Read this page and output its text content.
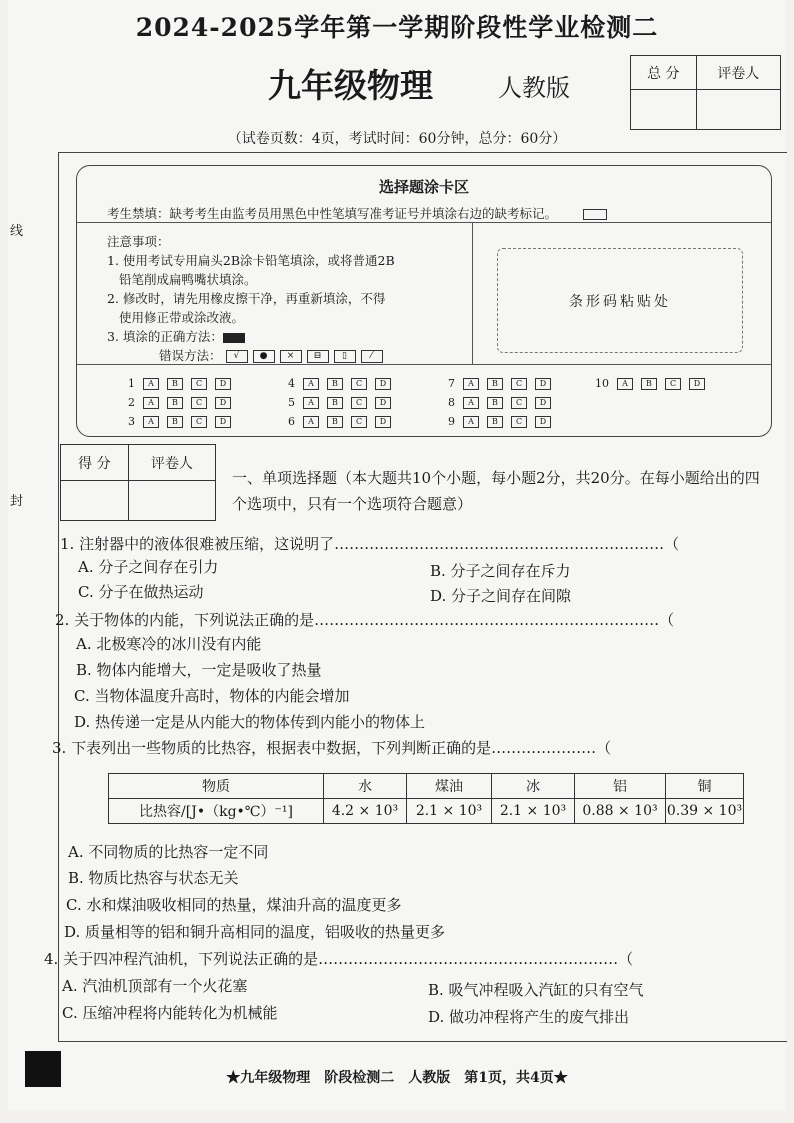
2024-2025学年第一学期阶段性学业检测二
九年级物理	人教版
（试卷页数：4页，考试时间：60分钟，总分：60分）
总 分	评卷人

线
封
选择题涂卡区
考生禁填：缺考考生由监考员用黑色中性笔填写准考证号并填涂右边的缺考标记。
注意事项：
1. 使用考试专用扁头2B涂卡铅笔填涂，或将普通2B
铅笔削成扁鸭嘴状填涂。
2. 修改时，请先用橡皮擦干净，再重新填涂，不得
使用修正带或涂改液。
3. 填涂的正确方法：
错误方法： √ ● × ⊟ ▯	⁄
条形码粘贴处
1 A B C D
2 A B C D
3 A B C D
4 A B C D
5 A B C D
6 A B C D
7 A B C D
8 A B C D
9 A B C D
10 A B C D
得 分	评卷人

一、单项选择题（本大题共10个小题，每小题2分，共20分。在每小题给出的四个选项中，只有一个选项符合题意）
1. 注射器中的液体很难被压缩，这说明了…………………………………………………………（
A. 分子之间存在引力	B. 分子之间存在斥力
C. 分子在做热运动	D. 分子之间存在间隙
2. 关于物体的内能，下列说法正确的是……………………………………………………………（
A. 北极寒冷的冰川没有内能
B. 物体内能增大，一定是吸收了热量
C. 当物体温度升高时，物体的内能会增加
D. 热传递一定是从内能大的物体传到内能小的物体上
3. 下表列出一些物质的比热容，根据表中数据，下列判断正确的是…………………（
物质	水	煤油	冰	铝	铜
比热容/[J•（kg•℃）⁻¹]	4.2 × 10³	2.1 × 10³	2.1 × 10³	0.88 × 10³	0.39 × 10³
A. 不同物质的比热容一定不同
B. 物质比热容与状态无关
C. 水和煤油吸收相同的热量，煤油升高的温度更多
D. 质量相等的铝和铜升高相同的温度，铝吸收的热量更多
4. 关于四冲程汽油机，下列说法正确的是……………………………………………………（
A. 汽油机顶部有一个火花塞	B. 吸气冲程吸入汽缸的只有空气
C. 压缩冲程将内能转化为机械能	D. 做功冲程将产生的废气排出
★九年级物理　阶段检测二　人教版　第1页，共4页★
